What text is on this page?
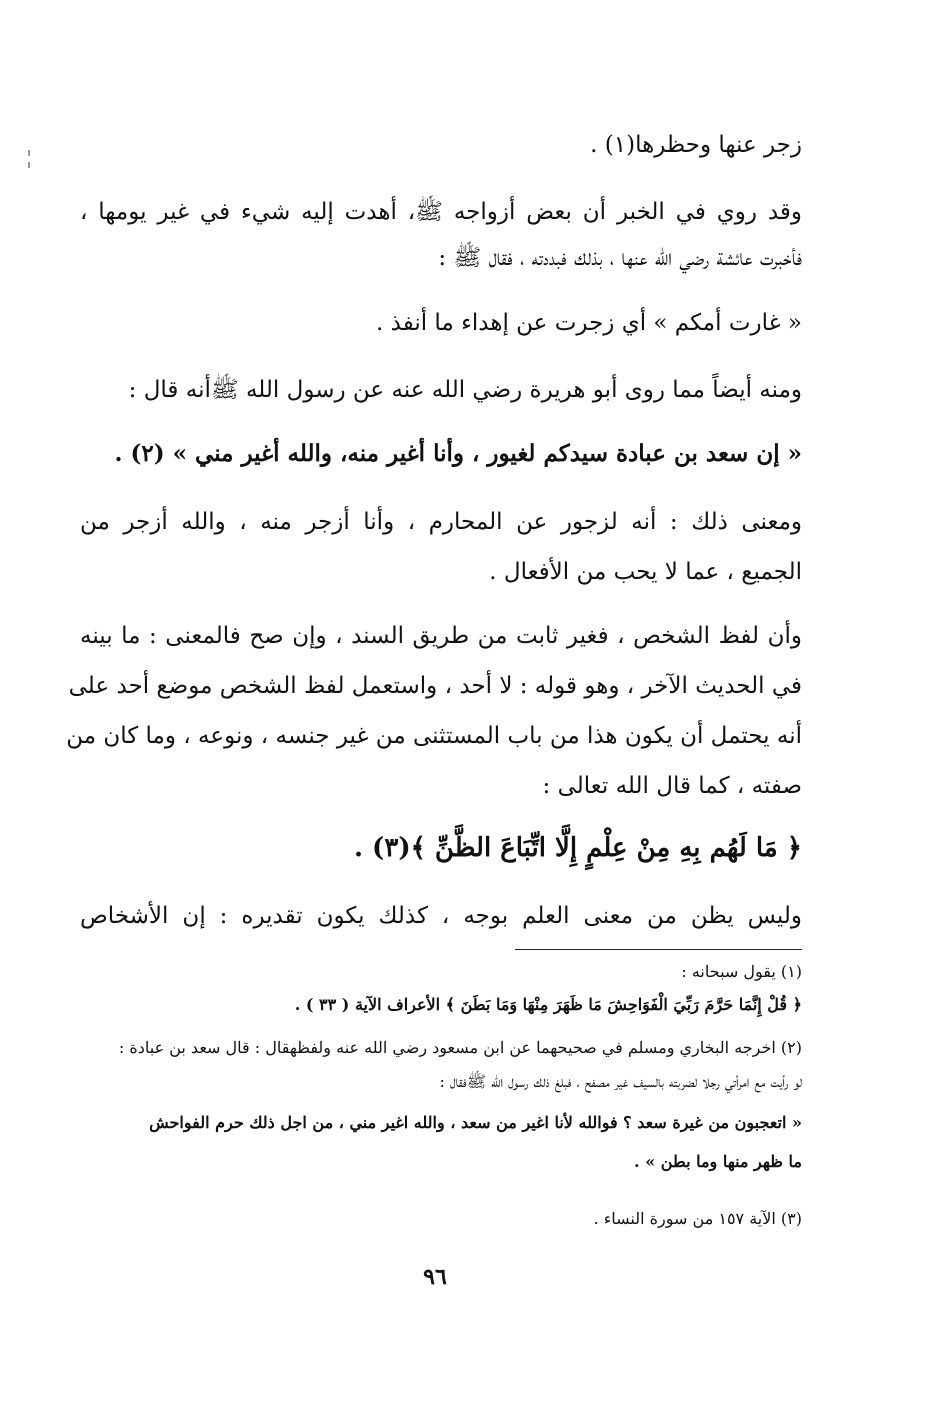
زجر عنها وحظرها(١) .
وقد روي في الخبر أن بعض أزواجه ﷺ، أهدت إليه شيء في غير يومها ،
فأخبرت عائشة رضي الله عنها ، بذلك فبددته ، فقال ﷺ :
« غارت أمكم » أي زجرت عن إهداء ما أنفذ .
ومنه أيضاً مما روى أبو هريرة رضي الله عنه عن رسول الله ﷺأنه قال :
« إن سعد بن عبادة سيدكم لغيور ، وأنا أغير منه، والله أغير مني » (٢) .
ومعنى ذلك : أنه لزجور عن المحارم ، وأنا أزجر منه ، والله أزجر من
الجميع ، عما لا يحب من الأفعال .
وأن لفظ الشخص ، فغير ثابت من طريق السند ، وإن صح فالمعنى : ما بينه
في الحديث الآخر ، وهو قوله : لا أحد ، واستعمل لفظ الشخص موضع أحد على
أنه يحتمل أن يكون هذا من باب المستثنى من غير جنسه ، ونوعه ، وما كان من
صفته ، كما قال الله تعالى :
﴿ مَا لَهُم بِهِ مِنْ عِلْمٍ إِلَّا اتِّبَاعَ الظَّنِّ ﴾(٣) .
وليس يظن من معنى العلم بوجه ، كذلك يكون تقديره : إن الأشخاص
(١) يقول سبحانه :
﴿ قُلْ إِنَّمَا حَرَّمَ رَبِّيَ الْفَوَاحِشَ مَا ظَهَرَ مِنْهَا وَمَا بَطَنَ ﴾ الأعراف الآية ( ٣٣ ) .
(٢) اخرجه البخاري ومسلم في صحيحهما عن ابن مسعود رضي الله عنه ولفظهقال : قال سعد بن عبادة :
لو رأيت مع امرأتي رجلا لضربته بالسيف غير مصفح ، فبلغ ذلك رسول الله ﷺفقال :
« اتعجبون من غيرة سعد ؟ فوالله لأنا اغير من سعد ، والله اغير مني ، من اجل ذلك حرم الفواحش
ما ظهر منها وما بطن » .
(٣) الآية ١٥٧ من سورة النساء .
٩٦
